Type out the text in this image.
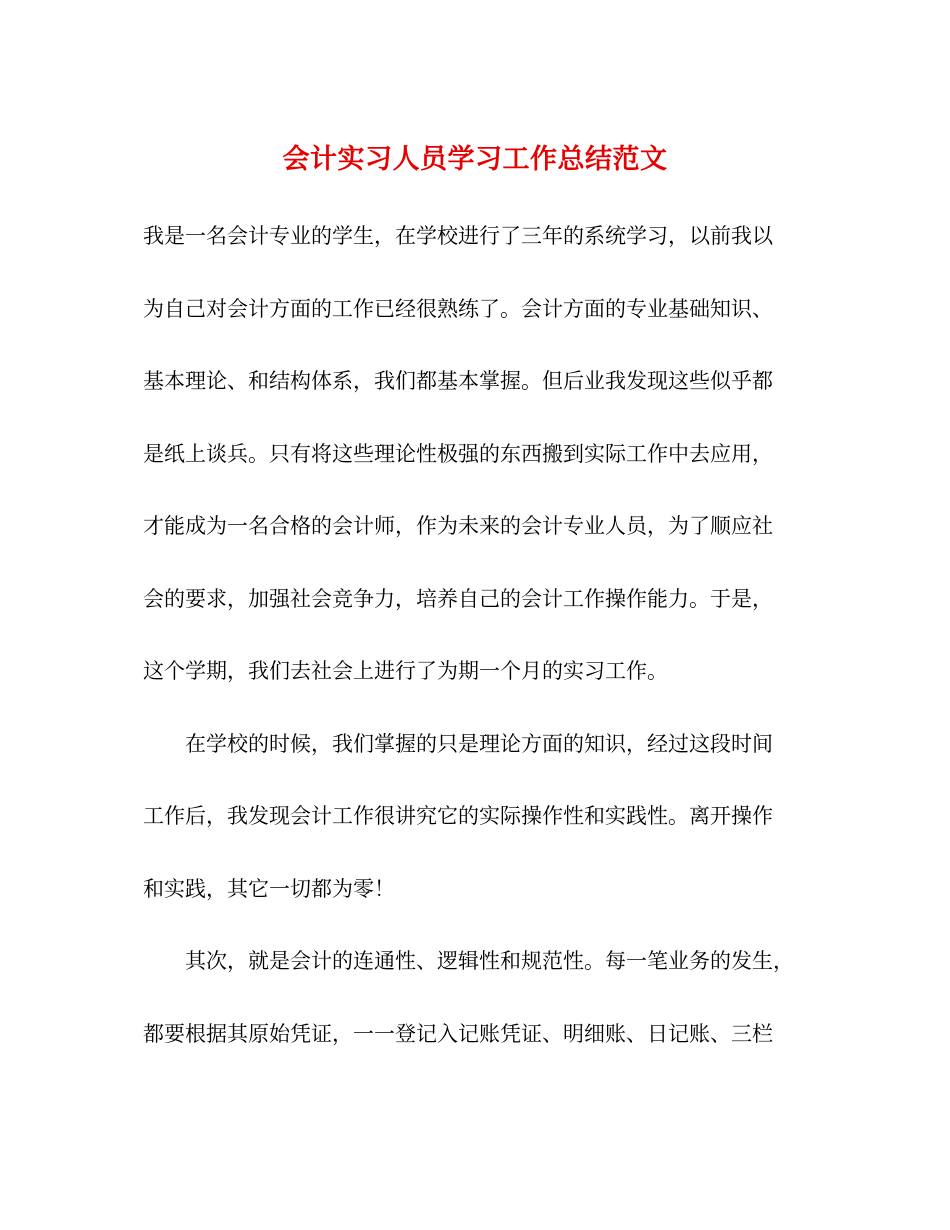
会计实习人员学习工作总结范文
我是一名会计专业的学生，在学校进行了三年的系统学习，以前我以
为自己对会计方面的工作已经很熟练了。会计方面的专业基础知识、
基本理论、和结构体系，我们都基本掌握。但后业我发现这些似乎都
是纸上谈兵。只有将这些理论性极强的东西搬到实际工作中去应用，
才能成为一名合格的会计师，作为未来的会计专业人员，为了顺应社
会的要求，加强社会竞争力，培养自己的会计工作操作能力。于是，
这个学期，我们去社会上进行了为期一个月的实习工作。
在学校的时候，我们掌握的只是理论方面的知识，经过这段时间
工作后，我发现会计工作很讲究它的实际操作性和实践性。离开操作
和实践，其它一切都为零！
其次，就是会计的连通性、逻辑性和规范性。每一笔业务的发生，
都要根据其原始凭证，一一登记入记账凭证、明细账、日记账、三栏
